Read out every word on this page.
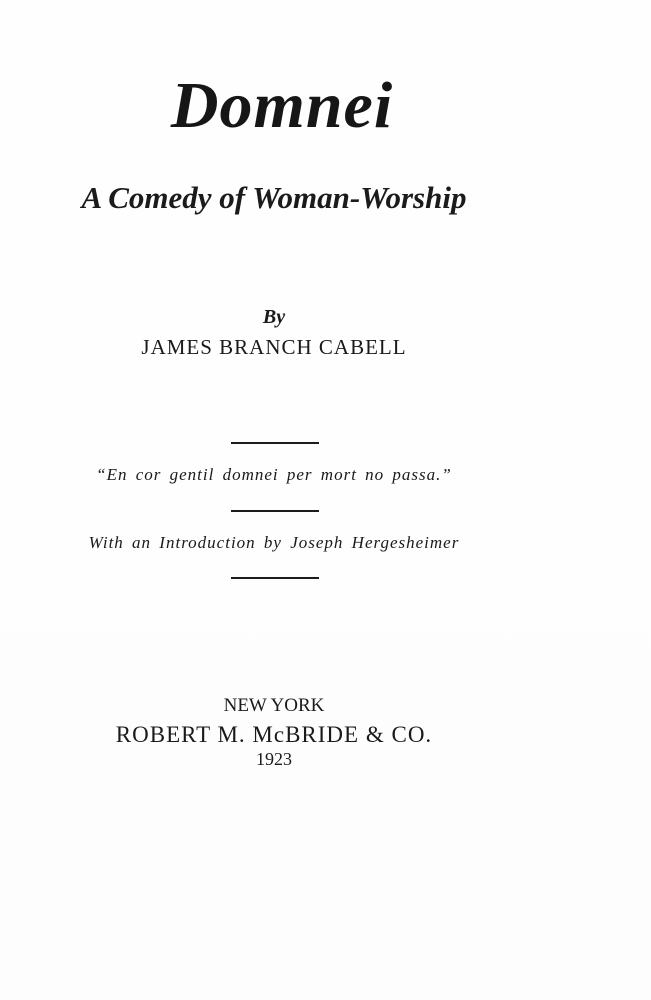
Domnei
A Comedy of Woman-Worship
By
JAMES BRANCH CABELL
“En cor gentil domnei per mort no passa.”
With an Introduction by Joseph Hergesheimer
NEW YORK
ROBERT M. McBRIDE & CO.
1923
